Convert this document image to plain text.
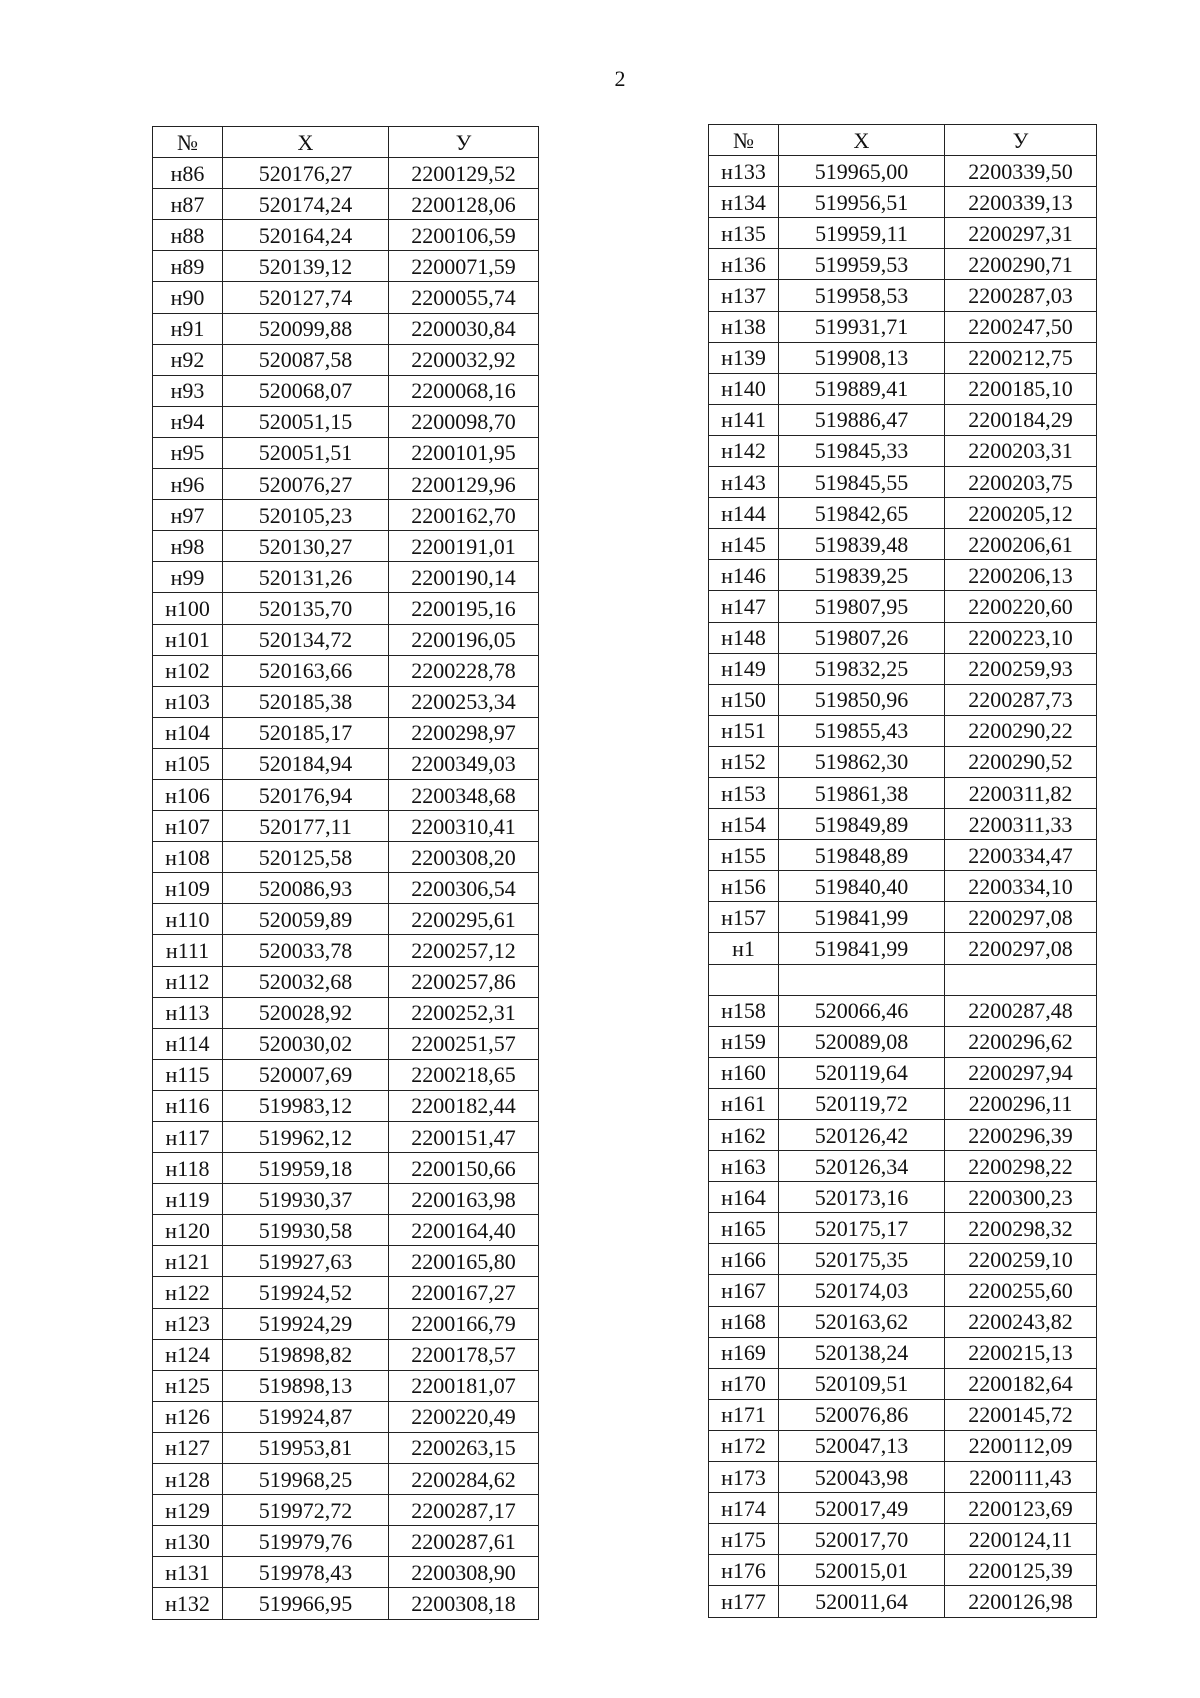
2
№	X	У
н86	520176,27	2200129,52
н87	520174,24	2200128,06
н88	520164,24	2200106,59
н89	520139,12	2200071,59
н90	520127,74	2200055,74
н91	520099,88	2200030,84
н92	520087,58	2200032,92
н93	520068,07	2200068,16
н94	520051,15	2200098,70
н95	520051,51	2200101,95
н96	520076,27	2200129,96
н97	520105,23	2200162,70
н98	520130,27	2200191,01
н99	520131,26	2200190,14
н100	520135,70	2200195,16
н101	520134,72	2200196,05
н102	520163,66	2200228,78
н103	520185,38	2200253,34
н104	520185,17	2200298,97
н105	520184,94	2200349,03
н106	520176,94	2200348,68
н107	520177,11	2200310,41
н108	520125,58	2200308,20
н109	520086,93	2200306,54
н110	520059,89	2200295,61
н111	520033,78	2200257,12
н112	520032,68	2200257,86
н113	520028,92	2200252,31
н114	520030,02	2200251,57
н115	520007,69	2200218,65
н116	519983,12	2200182,44
н117	519962,12	2200151,47
н118	519959,18	2200150,66
н119	519930,37	2200163,98
н120	519930,58	2200164,40
н121	519927,63	2200165,80
н122	519924,52	2200167,27
н123	519924,29	2200166,79
н124	519898,82	2200178,57
н125	519898,13	2200181,07
н126	519924,87	2200220,49
н127	519953,81	2200263,15
н128	519968,25	2200284,62
н129	519972,72	2200287,17
н130	519979,76	2200287,61
н131	519978,43	2200308,90
н132	519966,95	2200308,18
№	X	У
н133	519965,00	2200339,50
н134	519956,51	2200339,13
н135	519959,11	2200297,31
н136	519959,53	2200290,71
н137	519958,53	2200287,03
н138	519931,71	2200247,50
н139	519908,13	2200212,75
н140	519889,41	2200185,10
н141	519886,47	2200184,29
н142	519845,33	2200203,31
н143	519845,55	2200203,75
н144	519842,65	2200205,12
н145	519839,48	2200206,61
н146	519839,25	2200206,13
н147	519807,95	2200220,60
н148	519807,26	2200223,10
н149	519832,25	2200259,93
н150	519850,96	2200287,73
н151	519855,43	2200290,22
н152	519862,30	2200290,52
н153	519861,38	2200311,82
н154	519849,89	2200311,33
н155	519848,89	2200334,47
н156	519840,40	2200334,10
н157	519841,99	2200297,08
н1	519841,99	2200297,08

н158	520066,46	2200287,48
н159	520089,08	2200296,62
н160	520119,64	2200297,94
н161	520119,72	2200296,11
н162	520126,42	2200296,39
н163	520126,34	2200298,22
н164	520173,16	2200300,23
н165	520175,17	2200298,32
н166	520175,35	2200259,10
н167	520174,03	2200255,60
н168	520163,62	2200243,82
н169	520138,24	2200215,13
н170	520109,51	2200182,64
н171	520076,86	2200145,72
н172	520047,13	2200112,09
н173	520043,98	2200111,43
н174	520017,49	2200123,69
н175	520017,70	2200124,11
н176	520015,01	2200125,39
н177	520011,64	2200126,98
